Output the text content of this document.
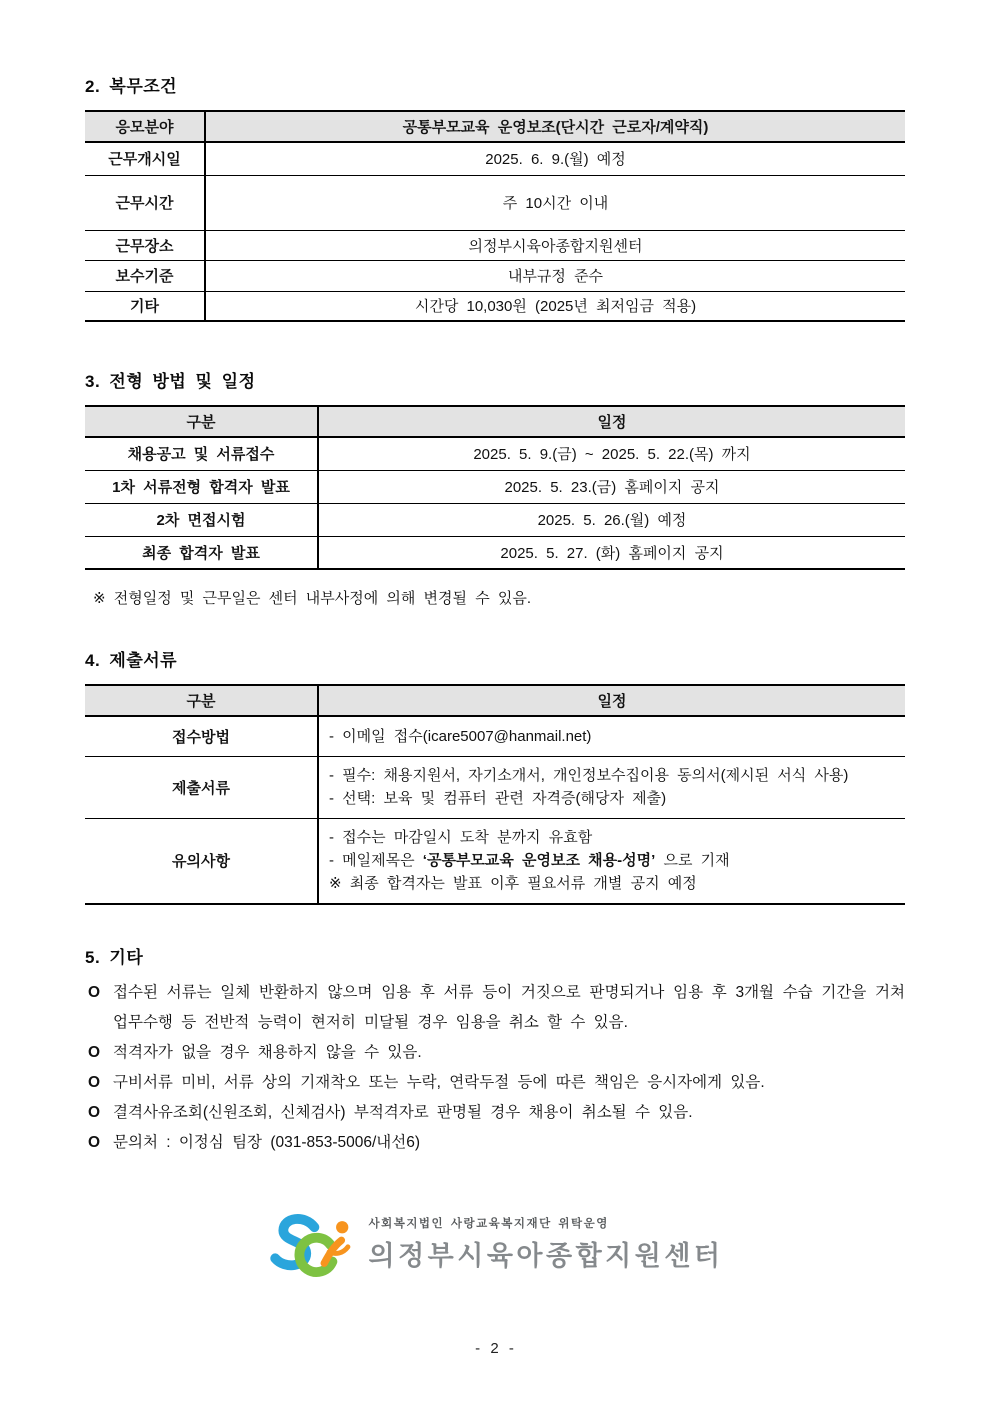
2. 복무조건
응모분야	공통부모교육 운영보조(단시간 근로자/계약직)
근무개시일	2025. 6. 9.(월) 예정
근무시간	주 10시간 이내
근무장소	의정부시육아종합지원센터
보수기준	내부규정 준수
기타	시간당 10,030원 (2025년 최저임금 적용)
3. 전형 방법 및 일정
구분	일정
채용공고 및 서류접수	2025. 5. 9.(금) ~ 2025. 5. 22.(목) 까지
1차 서류전형 합격자 발표	2025. 5. 23.(금) 홈페이지 공지
2차 면접시험	2025. 5. 26.(월) 예정
최종 합격자 발표	2025. 5. 27. (화) 홈페이지 공지
※ 전형일정 및 근무일은 센터 내부사정에 의해 변경될 수 있음.
4. 제출서류
구분	일정
접수방법	- 이메일 접수(icare5007@hanmail.net)

제출서류	- 필수: 채용지원서, 자기소개서, 개인정보수집이용 동의서(제시된 서식 사용)
- 선택: 보육 및 컴퓨터 관련 자격증(해당자 제출)

유의사항	- 접수는 마감일시 도착 분까지 유효함
- 메일제목은 ‘공통부모교육 운영보조 채용-성명’ 으로 기재
※ 최종 합격자는 발표 이후 필요서류 개별 공지 예정
5. 기타
O 접수된 서류는 일체 반환하지 않으며 임용 후 서류 등이 거짓으로 판명되거나 임용 후 3개월 수습 기간을 거쳐 업무수행 등 전반적 능력이 현저히 미달될 경우 임용을 취소 할 수 있음.
O 적격자가 없을 경우 채용하지 않을 수 있음.
O 구비서류 미비, 서류 상의 기재착오 또는 누락, 연락두절 등에 따른 책임은 응시자에게 있음.
O 결격사유조회(신원조회, 신체검사) 부적격자로 판명될 경우 채용이 취소될 수 있음.
O 문의처 : 이정심 팀장 (031-853-5006/내선6)
사회복지법인 사랑교육복지재단 위탁운영
의정부시육아종합지원센터
- 2 -
